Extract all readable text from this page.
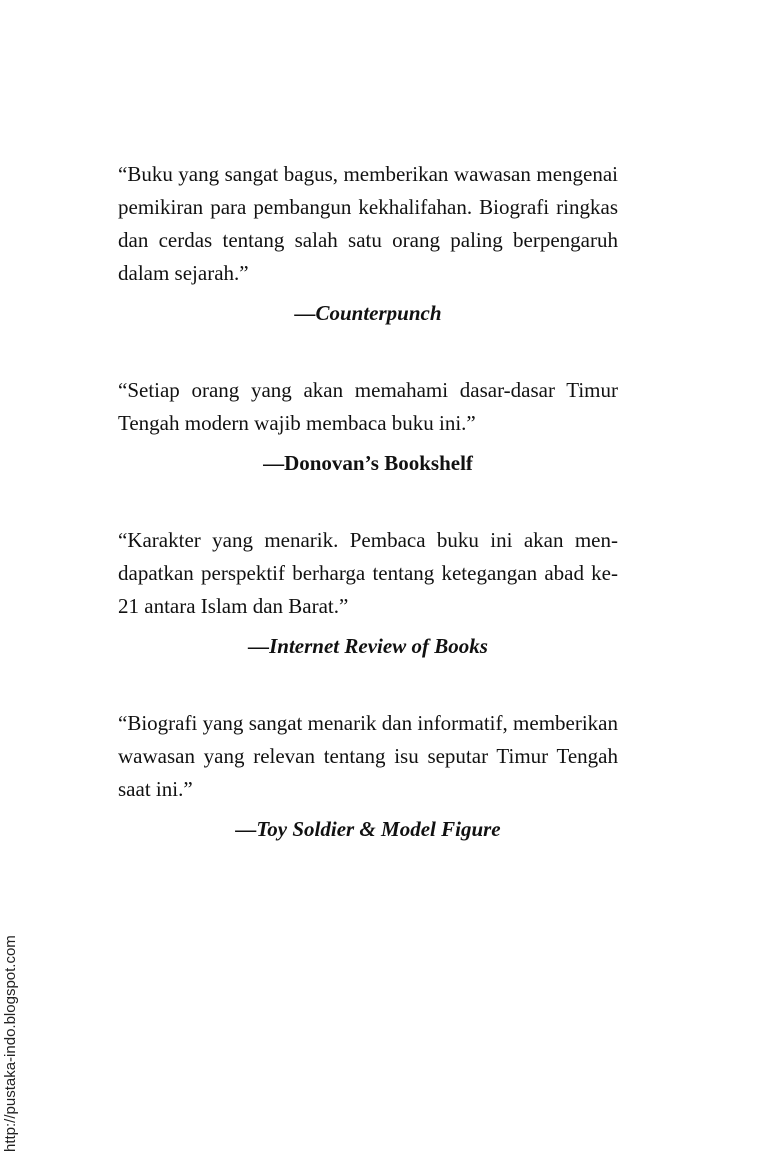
“Buku yang sangat bagus, memberikan wawasan mengenai pemikiran para pembangun kekhalifahan. Biografi ringkas dan cerdas tentang salah satu orang paling berpengaruh dalam sejarah.”

—Counterpunch

“Setiap orang yang akan memahami dasar-dasar Timur Tengah modern wajib membaca buku ini.”

—Donovan’s Bookshelf

“Karakter yang menarik. Pembaca buku ini akan men-dapatkan perspektif berharga tentang ketegangan abad ke-21 antara Islam dan Barat.”

—Internet Review of Books

“Biografi yang sangat menarik dan informatif, memberikan wawasan yang relevan tentang isu seputar Timur Tengah saat ini.”

—Toy Soldier & Model Figure

http://pustaka-indo.blogspot.com
